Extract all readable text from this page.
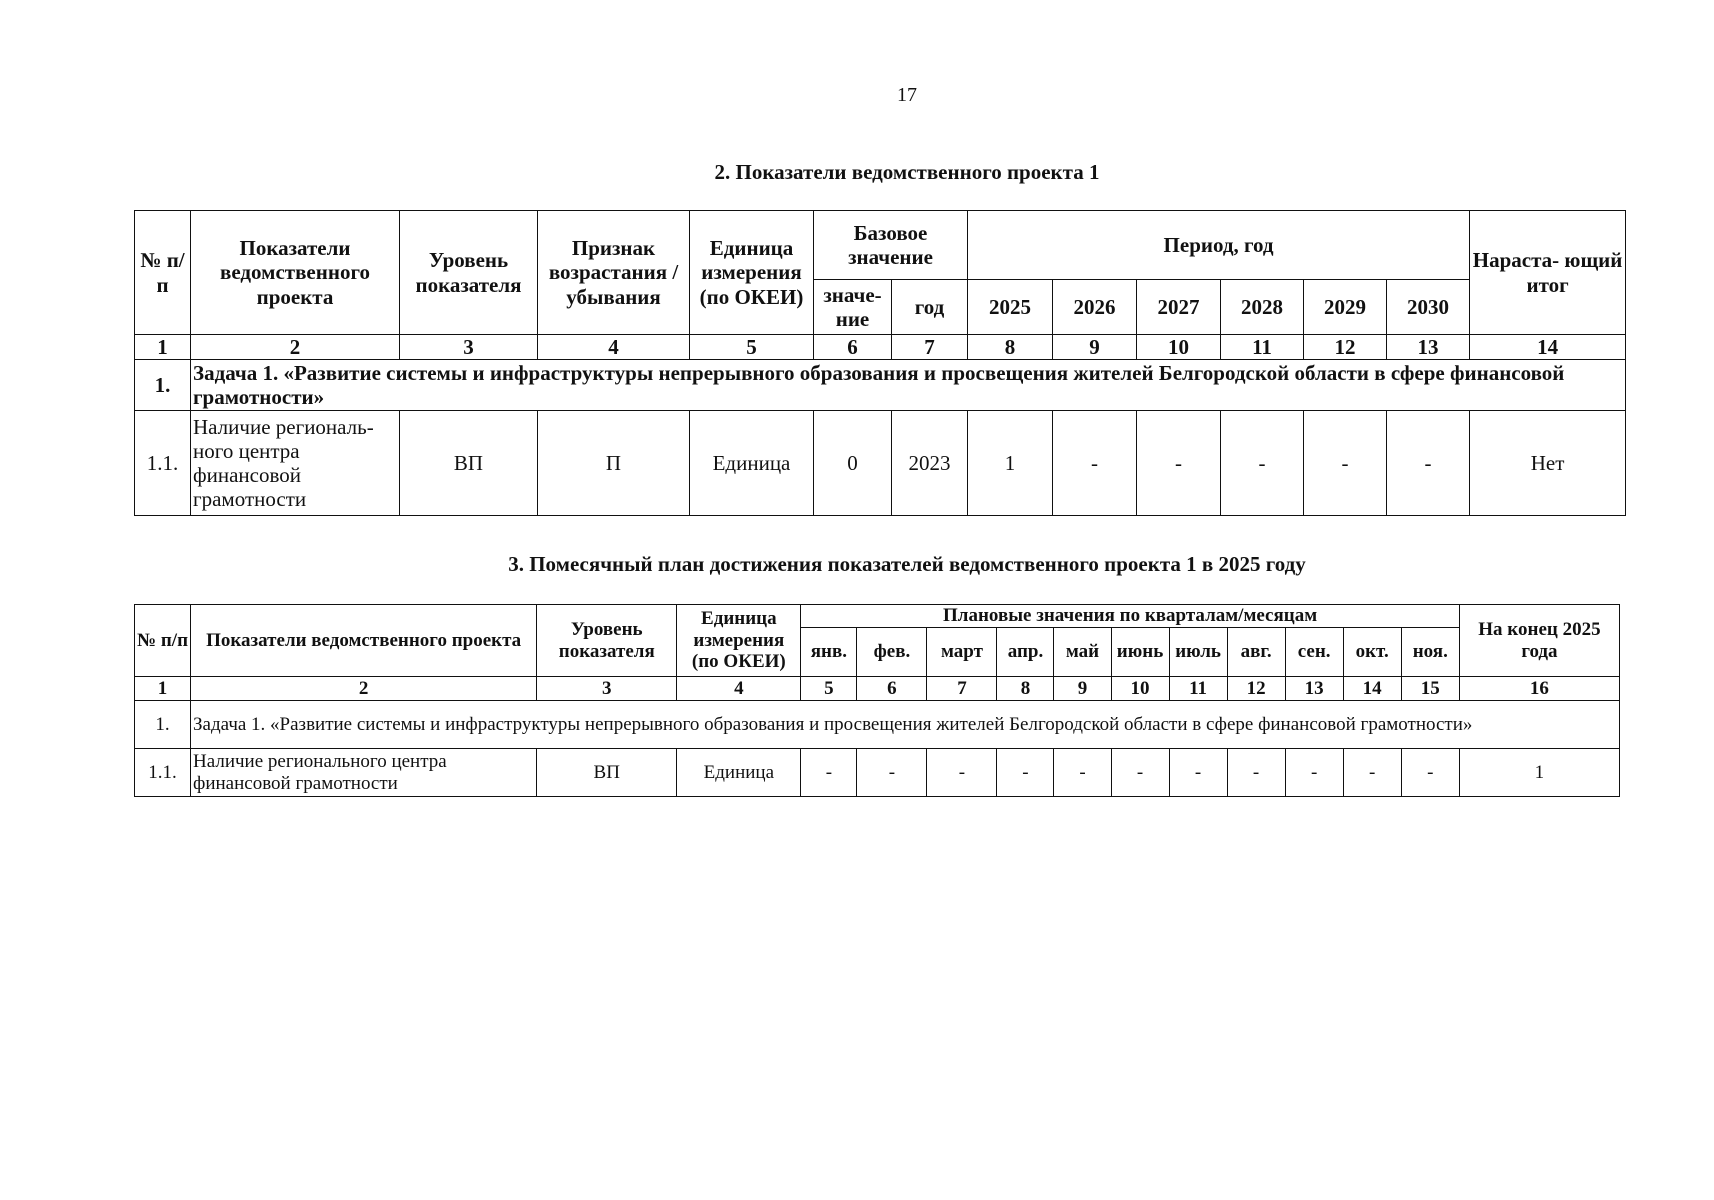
17
2. Показатели ведомственного проекта 1
№ п/п	Показатели ведомственного проекта	Уровень показателя	Признак возрастания / убывания	Единица измерения (по ОКЕИ)	Базовое значение		Период, год						Нараста- ющий итог
					значе- ние	год	2025	2026	2027	2028	2029	2030	
1	2	3	4	5	6	7	8	9	10	11	12	13	14
1.	Задача 1. «Развитие системы и инфраструктуры непрерывного образования и просвещения жителей Белгородской области в сфере финансовой грамотности»												
1.1.	Наличие региональ- ного центра финансовой грамотности	ВП	П	Единица	0	2023	1	-	-	-	-	-	Нет
3. Помесячный план достижения показателей ведомственного проекта 1 в 2025 году
№ п/п	Показатели ведомственного проекта	Уровень показателя	Единица измерения (по ОКЕИ)	Плановые значения по кварталам/месяцам											На конец 2025 года
				янв.	фев.	март	апр.	май	июнь	июль	авг.	сен.	окт.	ноя.	
1	2	3	4	5	6	7	8	9	10	11	12	13	14	15	16
1.	Задача 1. «Развитие системы и инфраструктуры непрерывного образования и просвещения жителей Белгородской области в сфере финансовой грамотности»														
1.1.	Наличие регионального центра финансовой грамотности	ВП	Единица	-	-	-	-	-	-	-	-	-	-	-	1
